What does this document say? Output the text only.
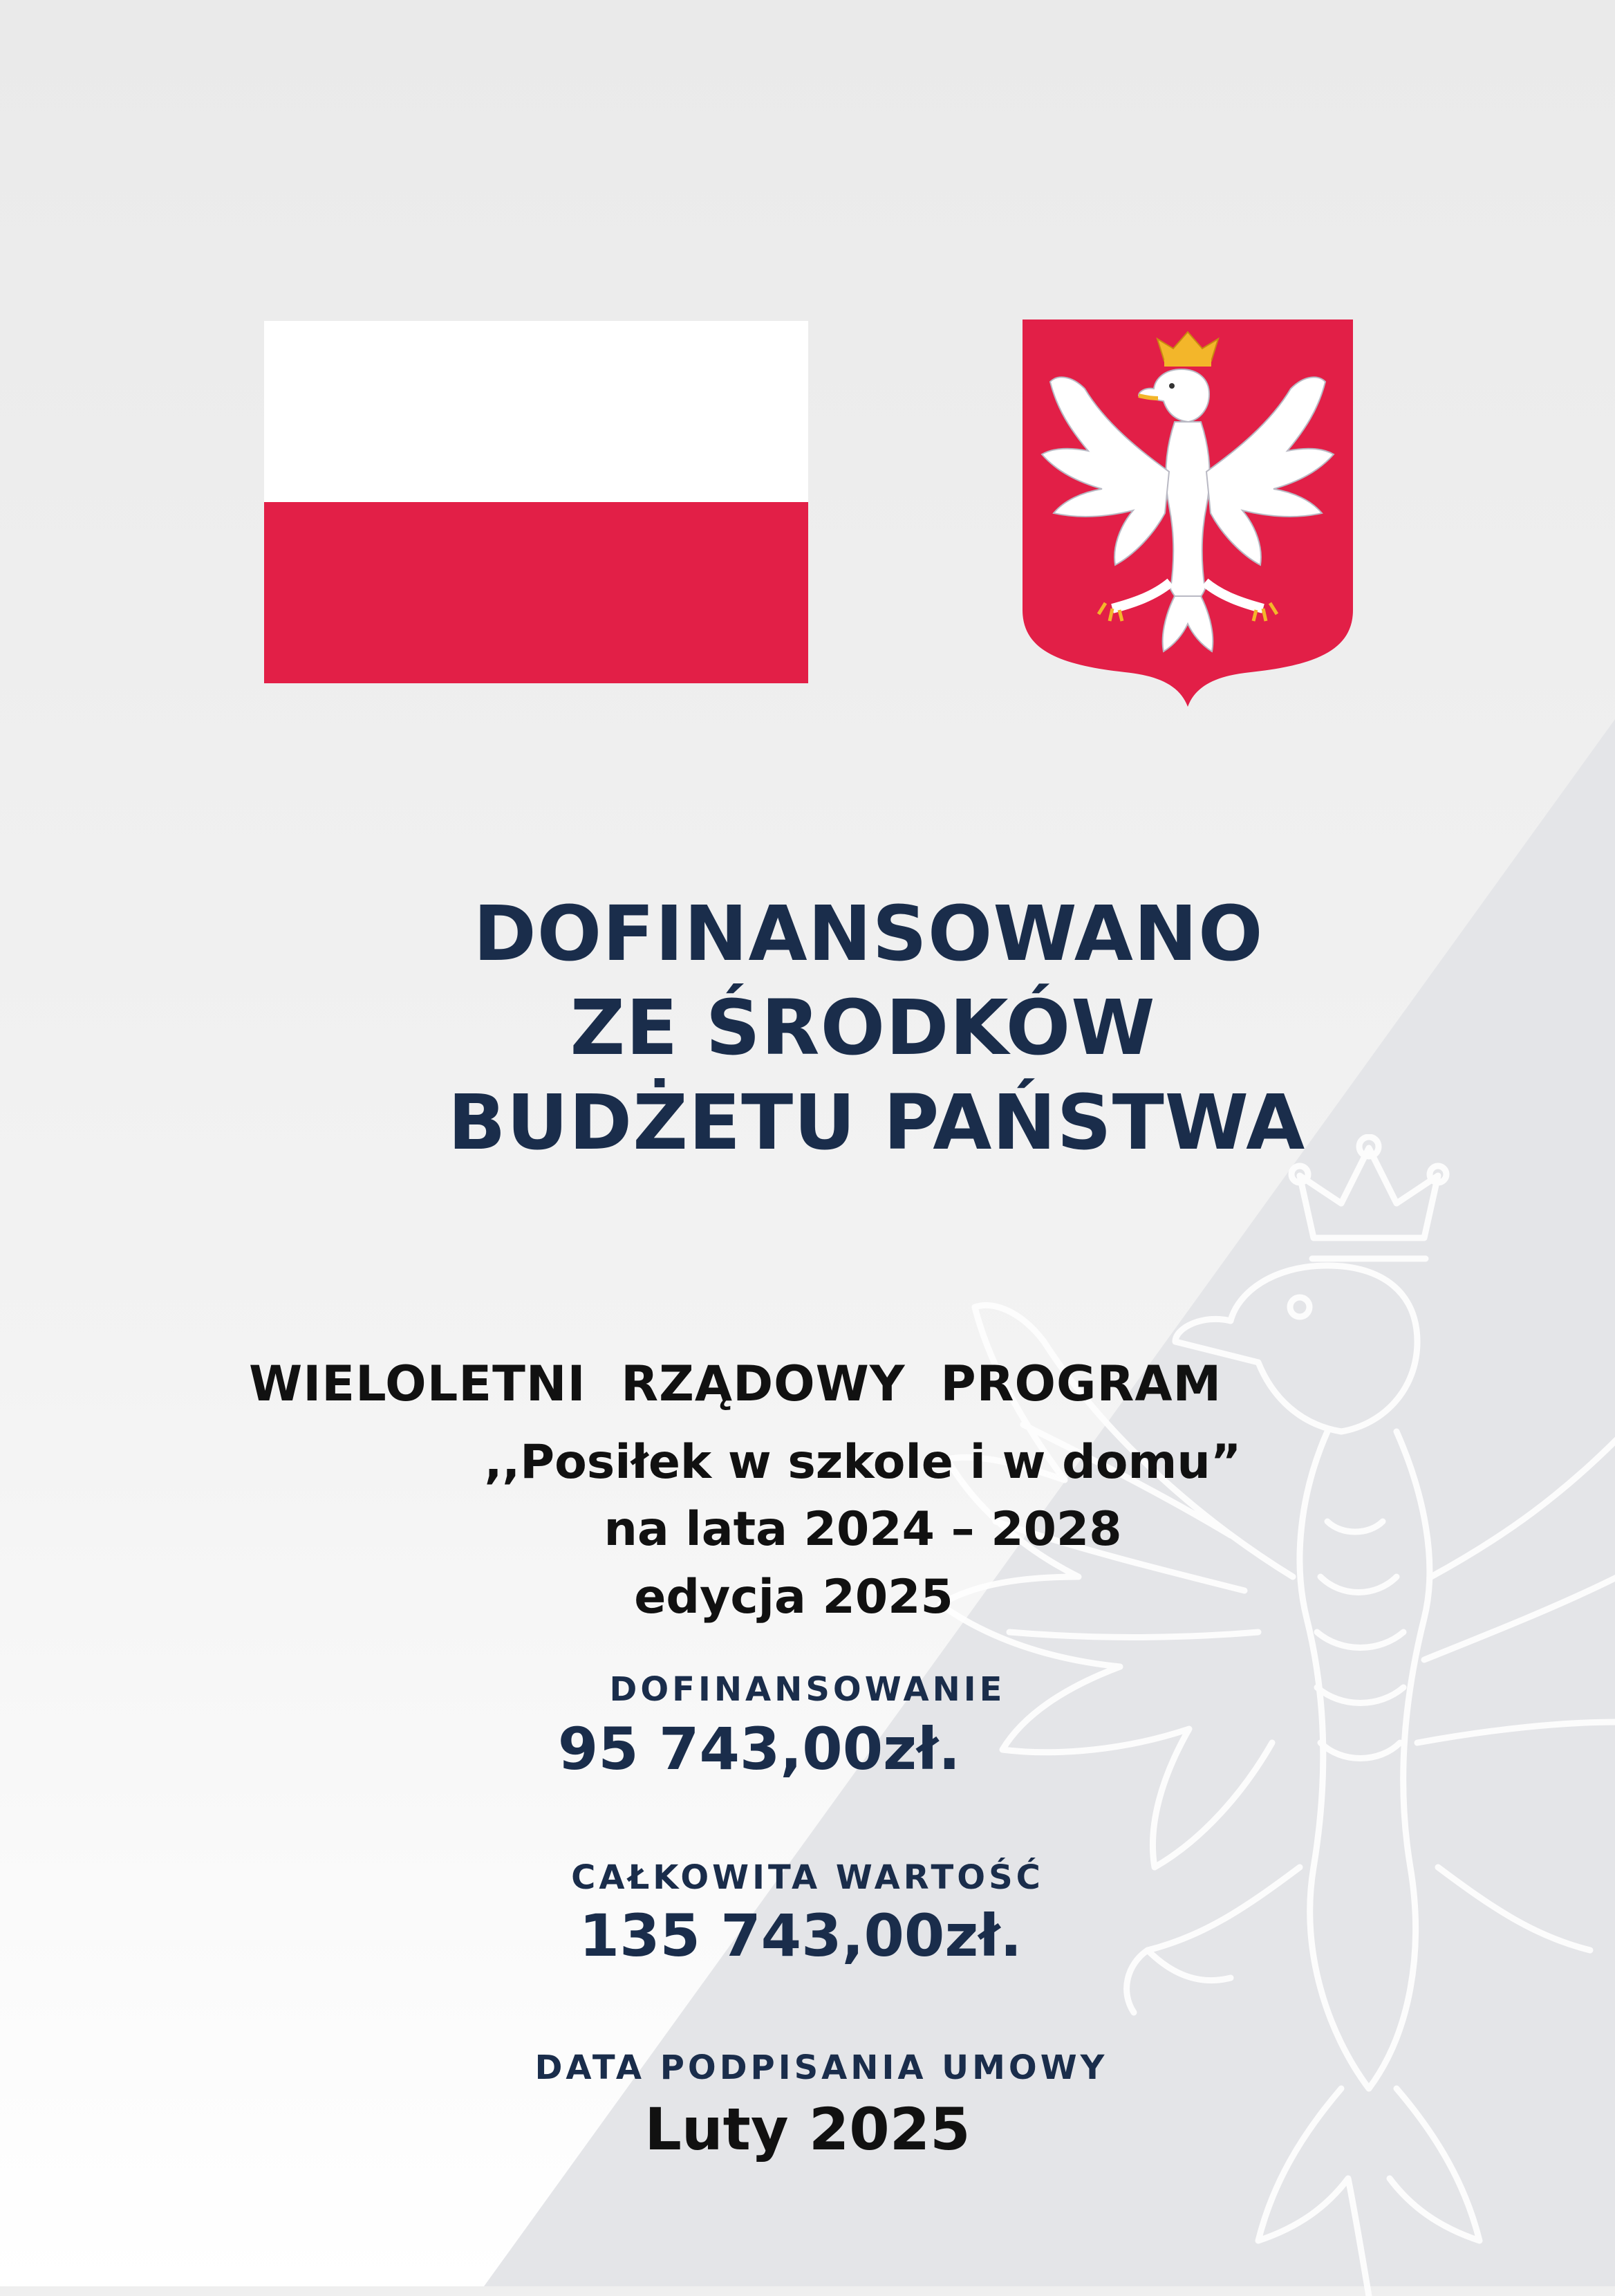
DOFINANSOWANO
ZE ŚRODKÓW
BUDŻETU PAŃSTWA
WIELOLETNI  RZĄDOWY  PROGRAM
,,Posiłek w szkole i w domu”
na lata 2024 – 2028
edycja 2025
DOFINANSOWANIE
95 743,00zł.
CAŁKOWITA WARTOŚĆ
135 743,00zł.
DATA PODPISANIA UMOWY
Luty 2025
